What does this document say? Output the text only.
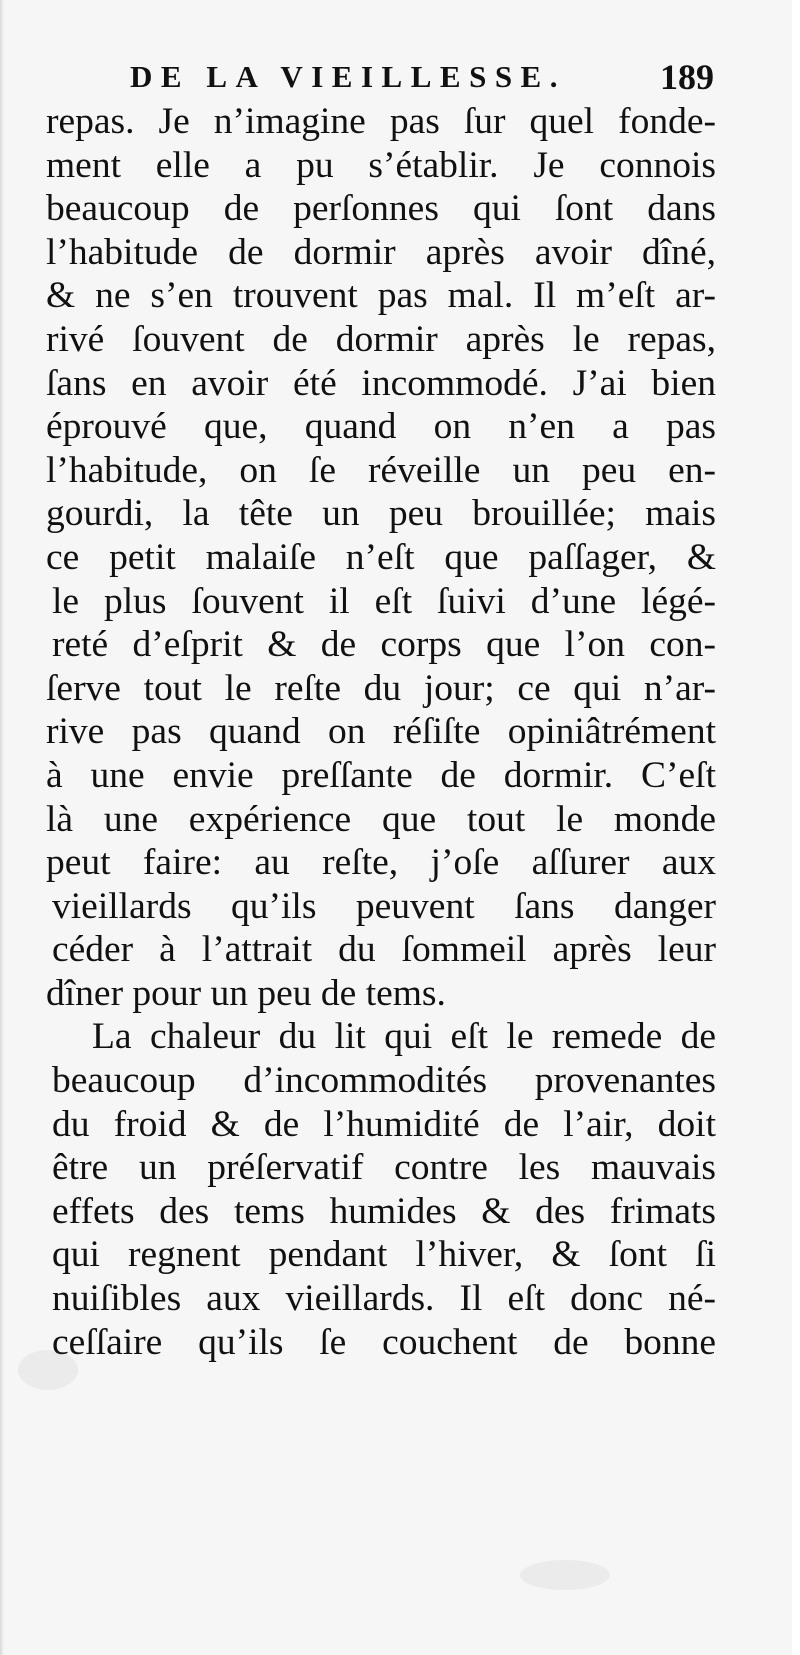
DE LA VIEILLESSE.	189
repas. Je n’imagine pas ſur quel fonde-
ment elle a pu s’établir. Je connois
beaucoup de perſonnes qui ſont dans
l’habitude de dormir après avoir dîné,
& ne s’en trouvent pas mal. Il m’eſt ar-
rivé ſouvent de dormir après le repas,
ſans en avoir été incommodé. J’ai bien
éprouvé que, quand on n’en a pas
l’habitude, on ſe réveille un peu en-
gourdi, la tête un peu brouillée; mais
ce petit malaiſe n’eſt que paſſager, &
le plus ſouvent il eſt ſuivi d’une légé-
reté d’eſprit & de corps que l’on con-
ſerve tout le reſte du jour; ce qui n’ar-
rive pas quand on réſiſte opiniâtrément
à une envie preſſante de dormir. C’eſt
là une expérience que tout le monde
peut faire: au reſte, j’oſe aſſurer aux
vieillards qu’ils peuvent ſans danger
céder à l’attrait du ſommeil après leur
dîner pour un peu de tems.
La chaleur du lit qui eſt le remede de
beaucoup d’incommodités provenantes
du froid & de l’humidité de l’air, doit
être un préſervatif contre les mauvais
effets des tems humides & des frimats
qui regnent pendant l’hiver, & ſont ſi
nuiſibles aux vieillards. Il eſt donc né-
ceſſaire qu’ils ſe couchent de bonne
